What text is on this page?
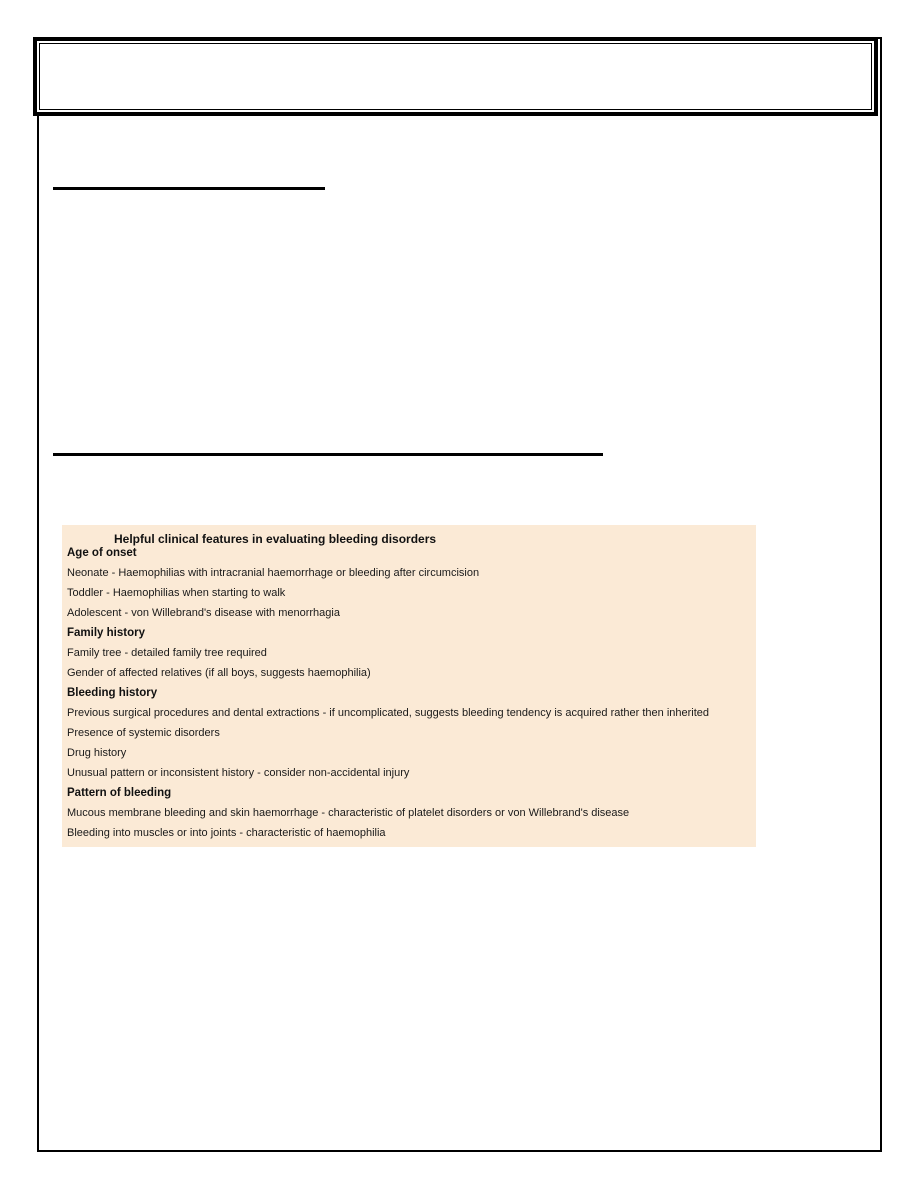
Helpful clinical features in evaluating bleeding disorders
Age of onset
Neonate - Haemophilias with intracranial haemorrhage or bleeding after circumcision
Toddler - Haemophilias when starting to walk
Adolescent - von Willebrand's disease with menorrhagia
Family history
Family tree - detailed family tree required
Gender of affected relatives (if all boys, suggests haemophilia)
Bleeding history
Previous surgical procedures and dental extractions - if uncomplicated, suggests bleeding tendency is acquired rather then inherited
Presence of systemic disorders
Drug history
Unusual pattern or inconsistent history - consider non-accidental injury
Pattern of bleeding
Mucous membrane bleeding and skin haemorrhage - characteristic of platelet disorders or von Willebrand's disease
Bleeding into muscles or into joints - characteristic of haemophilia
